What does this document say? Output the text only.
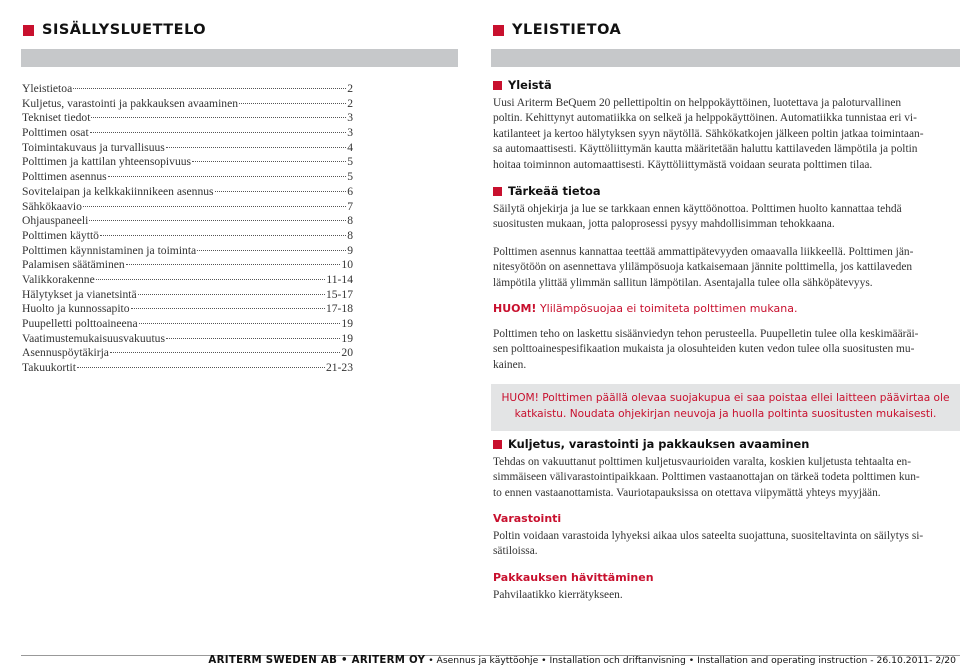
SISÄLLYSLUETTELO	YLEISTIETOA
Yleistietoa	2
Kuljetus, varastointi ja pakkauksen avaaminen	2
Tekniset tiedot	3
Polttimen osat	3
Toimintakuvaus ja turvallisuus	4
Polttimen ja kattilan yhteensopivuus	5
Polttimen asennus	5
Sovitelaipan ja kelkkakiinnikeen asennus	6
Sähkökaavio	7
Ohjauspaneeli	8
Polttimen käyttö	8
Polttimen käynnistaminen ja toiminta	9
Palamisen säätäminen	10
Valikkorakenne	11-14
Hälytykset ja vianetsintä	15-17
Huolto ja kunnossapito	17-18
Puupelletti polttoaineena	19
Vaatimustemukaisuusvakuutus	19
Asennuspöytäkirja	20
Takuukortit	21-23
Yleistä
Uusi Ariterm BeQuem 20 pellettipoltin on helppokäyttöinen, luotettava ja paloturvallinen
poltin. Kehittynyt automatiikka on selkeä ja helppokäyttöinen. Automatiikka tunnistaa eri vi-
katilanteet ja kertoo hälytyksen syyn näytöllä. Sähkökatkojen jälkeen poltin jatkaa toimintaan-
sa automaattisesti. Käyttöliittymän kautta määritetään haluttu kattilaveden lämpötila ja poltin
hoitaa toiminnon automaattisesti. Käyttöliittymästä voidaan seurata polttimen tilaa.
Tärkeää tietoa
Säilytä ohjekirja ja lue se tarkkaan ennen käyttöönottoa. Polttimen huolto kannattaa tehdä
suositusten mukaan, jotta paloprosessi pysyy mahdollisimman tehokkaana.
Polttimen asennus kannattaa teettää ammattipätevyyden omaavalla liikkeellä. Polttimen jän-
nitesyötöön on asennettava ylilämpösuoja katkaisemaan jännite polttimella, jos kattilaveden
lämpötila ylittää ylimmän sallitun lämpötilan. Asentajalla tulee olla sähköpätevyys.
HUOM! Ylilämpösuojaa ei toimiteta polttimen mukana.
Polttimen teho on laskettu sisäänviedyn tehon perusteella. Puupelletin tulee olla keskimääräi-
sen polttoainespesifikaation mukaista ja olosuhteiden kuten vedon tulee olla suositusten mu-
kainen.
HUOM! Polttimen päällä olevaa suojakupua ei saa poistaa ellei laitteen päävirtaa ole
katkaistu. Noudata ohjekirjan neuvoja ja huolla poltinta suositusten mukaisesti.
Kuljetus, varastointi ja pakkauksen avaaminen
Tehdas on vakuuttanut polttimen kuljetusvaurioiden varalta, koskien kuljetusta tehtaalta en-
simmäiseen välivarastointipaikkaan. Polttimen vastaanottajan on tärkeä todeta polttimen kun-
to ennen vastaanottamista. Vauriotapauksissa on otettava viipymättä yhteys myyjään.
Varastointi
Poltin voidaan varastoida lyhyeksi aikaa ulos sateelta suojattuna, suositeltavinta on säilytys si-
sätiloissa.
Pakkauksen hävittäminen
Pahvilaatikko kierrätykseen.
ARITERM SWEDEN AB • ARITERM OY • Asennus ja käyttöohje • Installation och driftanvisning • Installation and operating instruction - 26.10.2011- 2/20
